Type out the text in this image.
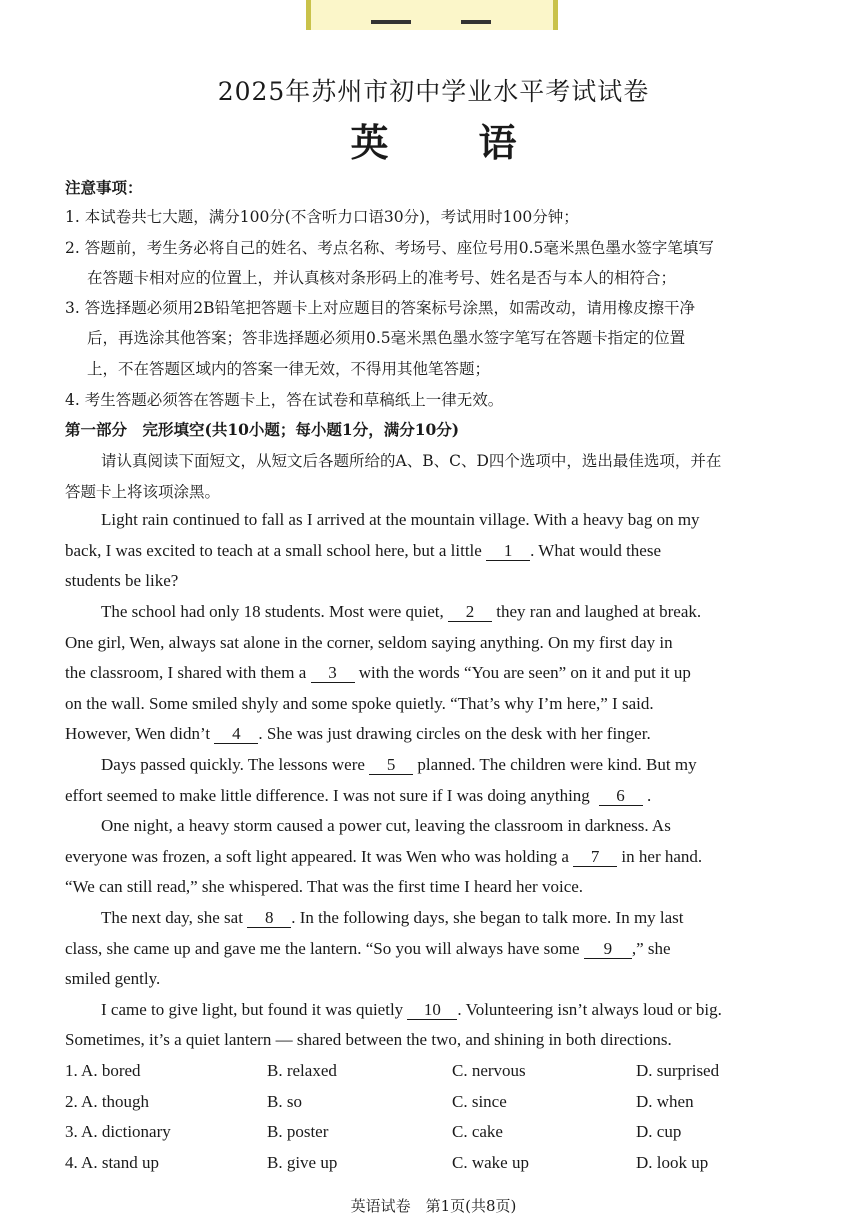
2025年苏州市初中学业水平考试试卷
英语
注意事项：
1. 本试卷共七大题，满分100分(不含听力口语30分)，考试用时100分钟；
2. 答题前，考生务必将自己的姓名、考点名称、考场号、座位号用0.5毫米黑色墨水签字笔填写
在答题卡相对应的位置上，并认真核对条形码上的准考号、姓名是否与本人的相符合；
3. 答选择题必须用2B铅笔把答题卡上对应题目的答案标号涂黑，如需改动，请用橡皮擦干净
后，再选涂其他答案；答非选择题必须用0.5毫米黑色墨水签字笔写在答题卡指定的位置
上，不在答题区域内的答案一律无效，不得用其他笔答题；
4. 考生答题必须答在答题卡上，答在试卷和草稿纸上一律无效。
第一部分　完形填空(共10小题；每小题1分，满分10分)
请认真阅读下面短文，从短文后各题所给的A、B、C、D四个选项中，选出最佳选项，并在
答题卡上将该项涂黑。
Light rain continued to fall as I arrived at the mountain village. With a heavy bag on my
back, I was excited to teach at a small school here, but a little 1 . What would these
students be like?
The school had only 18 students. Most were quiet, 2 they ran and laughed at break.
One girl, Wen, always sat alone in the corner, seldom saying anything. On my first day in
the classroom, I shared with them a 3 with the words “You are seen” on it and put it up
on the wall. Some smiled shyly and some spoke quietly. “That’s why I’m here,” I said.
However, Wen didn’t 4 . She was just drawing circles on the desk with her finger.
Days passed quickly. The lessons were 5 planned. The children were kind. But my
effort seemed to make little difference. I was not sure if I was doing anything 6 .
One night, a heavy storm caused a power cut, leaving the classroom in darkness. As
everyone was frozen, a soft light appeared. It was Wen who was holding a 7 in her hand.
“We can still read,” she whispered. That was the first time I heard her voice.
The next day, she sat 8 . In the following days, she began to talk more. In my last
class, she came up and gave me the lantern. “So you will always have some 9 ,” she
smiled gently.
I came to give light, but found it was quietly 10 . Volunteering isn’t always loud or big.
Sometimes, it’s a quiet lantern — shared between the two, and shining in both directions.
1. A. bored	B. relaxed	C. nervous	D. surprised
2. A. though	B. so	C. since	D. when
3. A. dictionary	B. poster	C. cake	D. cup
4. A. stand up	B. give up	C. wake up	D. look up
英语试卷　第1页(共8页)
